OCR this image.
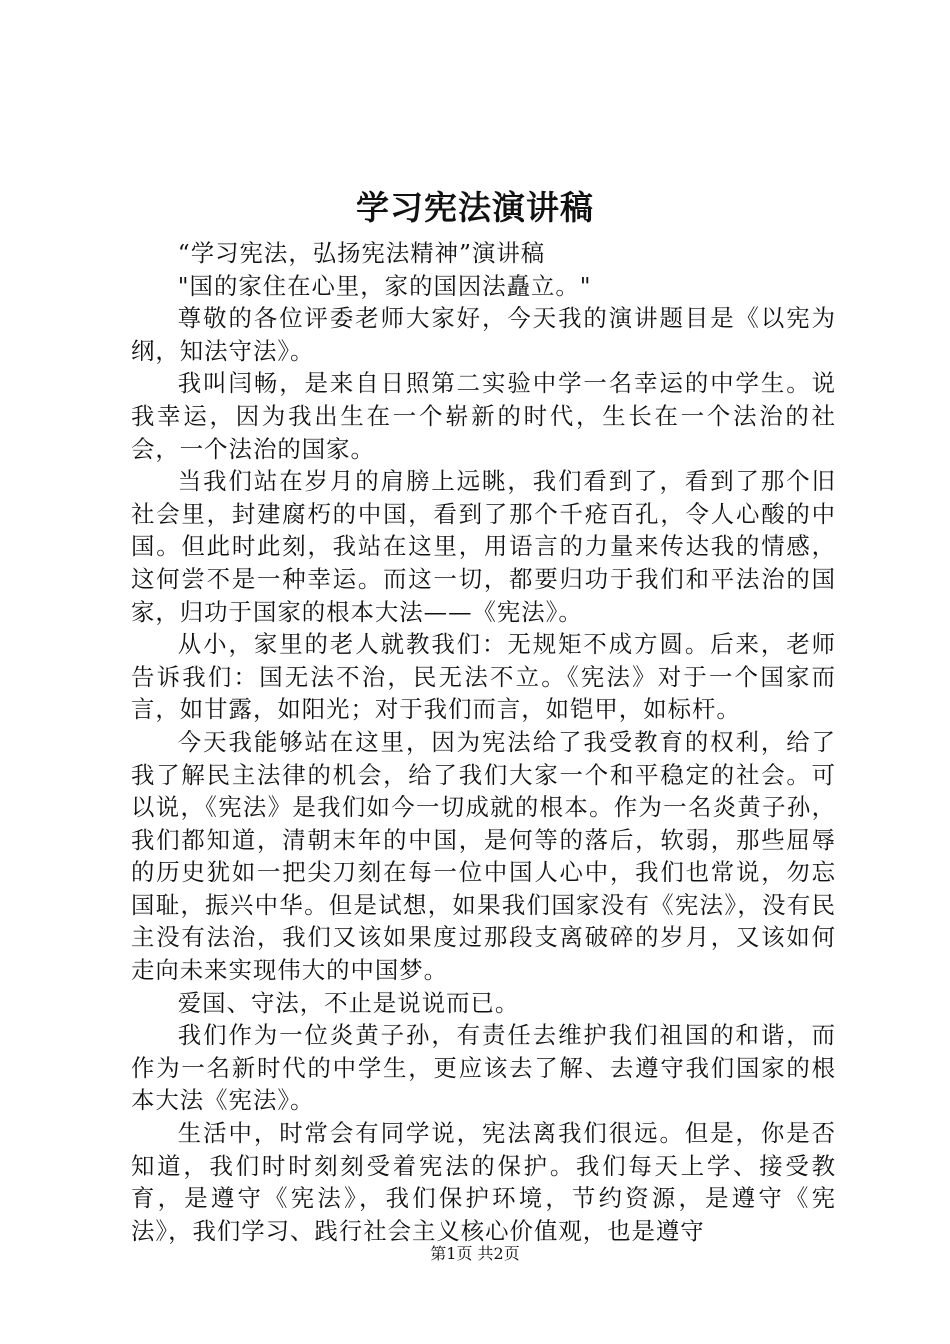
学习宪法演讲稿

“学习宪法，弘扬宪法精神”演讲稿

"国的家住在心里，家的国因法矗立。"

尊敬的各位评委老师大家好，今天我的演讲题目是《以宪为纲，知法守法》。

我叫闫畅，是来自日照第二实验中学一名幸运的中学生。说我幸运，因为我出生在一个崭新的时代，生长在一个法治的社会，一个法治的国家。

当我们站在岁月的肩膀上远眺，我们看到了，看到了那个旧社会里，封建腐朽的中国，看到了那个千疮百孔，令人心酸的中国。但此时此刻，我站在这里，用语言的力量来传达我的情感，这何尝不是一种幸运。而这一切，都要归功于我们和平法治的国家，归功于国家的根本大法——《宪法》。

从小，家里的老人就教我们：无规矩不成方圆。后来，老师告诉我们：国无法不治，民无法不立。《宪法》对于一个国家而言，如甘露，如阳光；对于我们而言，如铠甲，如标杆。

今天我能够站在这里，因为宪法给了我受教育的权利，给了我了解民主法律的机会，给了我们大家一个和平稳定的社会。可以说，《宪法》是我们如今一切成就的根本。作为一名炎黄子孙，我们都知道，清朝末年的中国，是何等的落后，软弱，那些屈辱的历史犹如一把尖刀刻在每一位中国人心中，我们也常说，勿忘国耻，振兴中华。但是试想，如果我们国家没有《宪法》，没有民主没有法治，我们又该如果度过那段支离破碎的岁月，又该如何走向未来实现伟大的中国梦。

爱国、守法，不止是说说而已。

我们作为一位炎黄子孙，有责任去维护我们祖国的和谐，而作为一名新时代的中学生，更应该去了解、去遵守我们国家的根本大法《宪法》。

生活中，时常会有同学说，宪法离我们很远。但是，你是否知道，我们时时刻刻受着宪法的保护。我们每天上学、接受教育，是遵守《宪法》，我们保护环境，节约资源，是遵守《宪法》，我们学习、践行社会主义核心价值观，也是遵守

第1页 共2页
